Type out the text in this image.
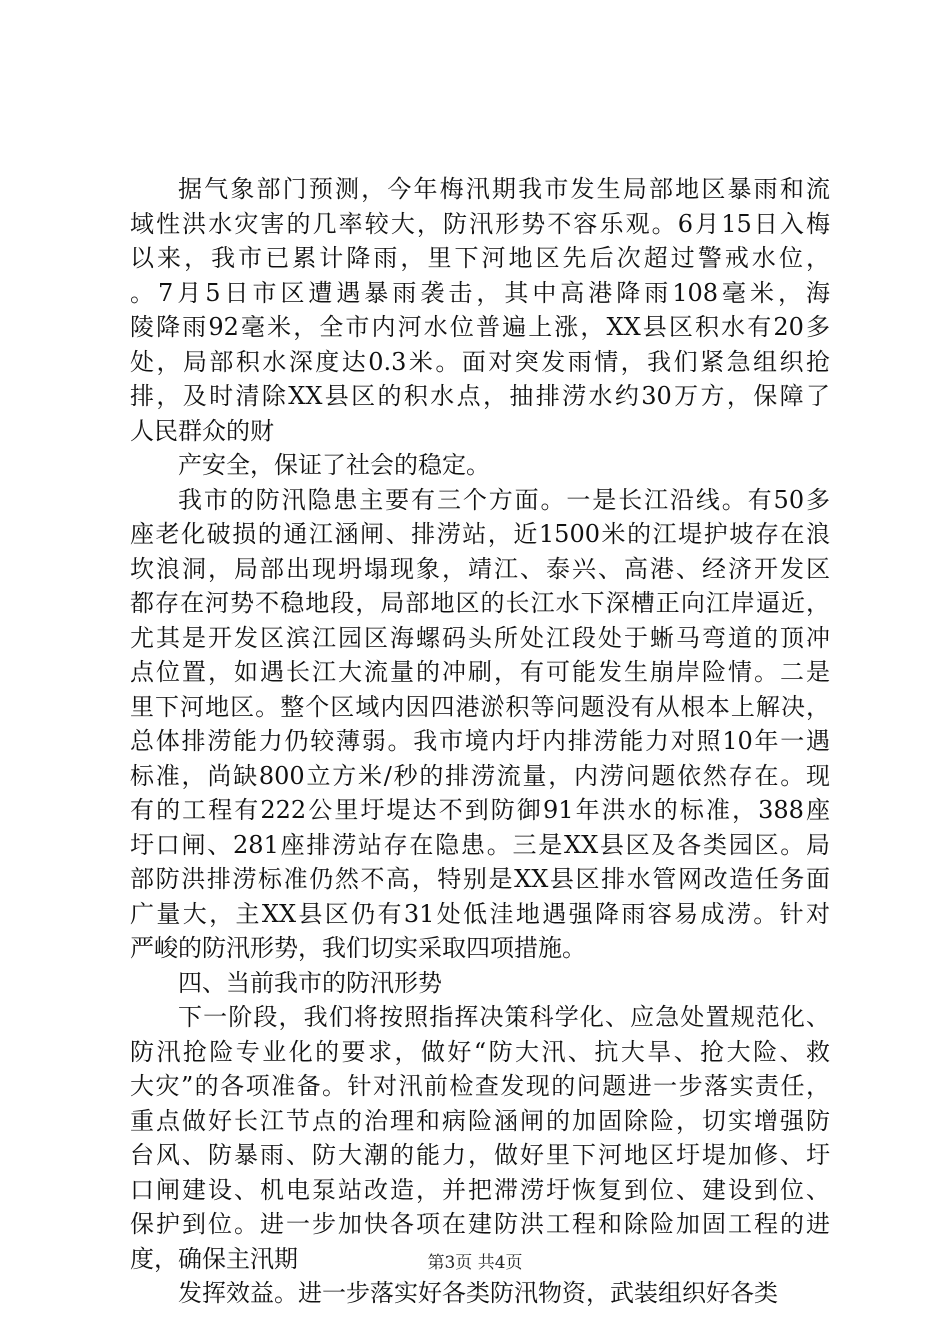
据气象部门预测，今年梅汛期我市发生局部地区暴雨和流
域性洪水灾害的几率较大，防汛形势不容乐观。6月15日入梅
以来，我市已累计降雨，里下河地区先后次超过警戒水位，
。7月5日市区遭遇暴雨袭击，其中高港降雨108毫米，海
陵降雨92毫米，全市内河水位普遍上涨，XX县区积水有20多
处，局部积水深度达0.3米。面对突发雨情，我们紧急组织抢
排，及时清除XX县区的积水点，抽排涝水约30万方，保障了
人民群众的财
产安全，保证了社会的稳定。
我市的防汛隐患主要有三个方面。一是长江沿线。有50多
座老化破损的通江涵闸、排涝站，近1500米的江堤护坡存在浪
坎浪洞，局部出现坍塌现象，靖江、泰兴、高港、经济开发区
都存在河势不稳地段，局部地区的长江水下深槽正向江岸逼近，
尤其是开发区滨江园区海螺码头所处江段处于蜥马弯道的顶冲
点位置，如遇长江大流量的冲刷，有可能发生崩岸险情。二是
里下河地区。整个区域内因四港淤积等问题没有从根本上解决，
总体排涝能力仍较薄弱。我市境内圩内排涝能力对照10年一遇
标准，尚缺800立方米/秒的排涝流量，内涝问题依然存在。现
有的工程有222公里圩堤达不到防御91年洪水的标准，388座
圩口闸、281座排涝站存在隐患。三是XX县区及各类园区。局
部防洪排涝标准仍然不高，特别是XX县区排水管网改造任务面
广量大，主XX县区仍有31处低洼地遇强降雨容易成涝。针对
严峻的防汛形势，我们切实采取四项措施。
四、当前我市的防汛形势
下一阶段，我们将按照指挥决策科学化、应急处置规范化、
防汛抢险专业化的要求，做好“防大汛、抗大旱、抢大险、救
大灾”的各项准备。针对汛前检查发现的问题进一步落实责任，
重点做好长江节点的治理和病险涵闸的加固除险，切实增强防
台风、防暴雨、防大潮的能力，做好里下河地区圩堤加修、圩
口闸建设、机电泵站改造，并把滞涝圩恢复到位、建设到位、
保护到位。进一步加快各项在建防洪工程和除险加固工程的进
度，确保主汛期
发挥效益。进一步落实好各类防汛物资，武装组织好各类
第3页 共4页
